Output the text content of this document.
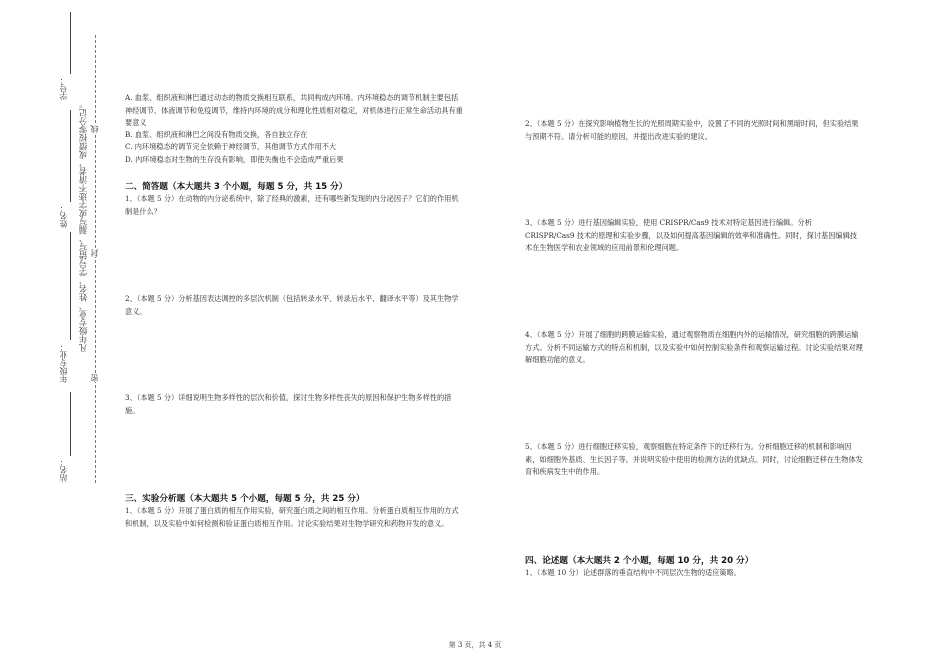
学号：
姓名：
年级专业：
站名：
凡年级专业、姓名、学号错写、漏写或字迹不清者，成绩按零分记。
密
封
线
A. 血浆、组织液和淋巴通过动态的物质交换相互联系，共同构成内环境。内环境稳态的调节机制主要包括神经调节、体液调节和免疫调节，维持内环境的成分和理化性质相对稳定，对机体进行正常生命活动具有重要意义
B. 血浆、组织液和淋巴之间没有物质交换，各自独立存在
C. 内环境稳态的调节完全依赖于神经调节，其他调节方式作用不大
D. 内环境稳态对生物的生存没有影响，即使失衡也不会造成严重后果
二、简答题（本大题共 3 个小题，每题 5 分，共 15 分）
1、（本题 5 分）在动物的内分泌系统中，除了经典的激素，还有哪些新发现的内分泌因子？它们的作用机制是什么？
2、（本题 5 分）分析基因表达调控的多层次机制（包括转录水平、转录后水平、翻译水平等）及其生物学意义。
3、（本题 5 分）详细说明生物多样性的层次和价值，探讨生物多样性丧失的原因和保护生物多样性的措施。
三、实验分析题（本大题共 5 个小题，每题 5 分，共 25 分）
1、（本题 5 分）开展了蛋白质的相互作用实验，研究蛋白质之间的相互作用。分析蛋白质相互作用的方式和机制，以及实验中如何检测和验证蛋白质相互作用。讨论实验结果对生物学研究和药物开发的意义。
2、（本题 5 分）在探究影响植物生长的光照周期实验中，设置了不同的光照时间和黑暗时间，但实验结果与预期不符。请分析可能的原因，并提出改进实验的建议。
3、（本题 5 分）进行基因编辑实验，使用 CRISPR/Cas9 技术对特定基因进行编辑。分析 CRISPR/Cas9 技术的原理和实验步骤，以及如何提高基因编辑的效率和准确性。同时，探讨基因编辑技术在生物医学和农业领域的应用前景和伦理问题。
4、（本题 5 分）开展了细胞的跨膜运输实验，通过观察物质在细胞内外的运输情况，研究细胞的跨膜运输方式。分析不同运输方式的特点和机制，以及实验中如何控制实验条件和观察运输过程。讨论实验结果对理解细胞功能的意义。
5、（本题 5 分）进行细胞迁移实验，观察细胞在特定条件下的迁移行为。分析细胞迁移的机制和影响因素，如细胞外基质、生长因子等。并说明实验中使用的检测方法的优缺点。同时，讨论细胞迁移在生物体发育和疾病发生中的作用。
四、论述题（本大题共 2 个小题，每题 10 分，共 20 分）
1、（本题 10 分）论述群落的垂直结构中不同层次生物的适应策略。
第 3 页，共 4 页
